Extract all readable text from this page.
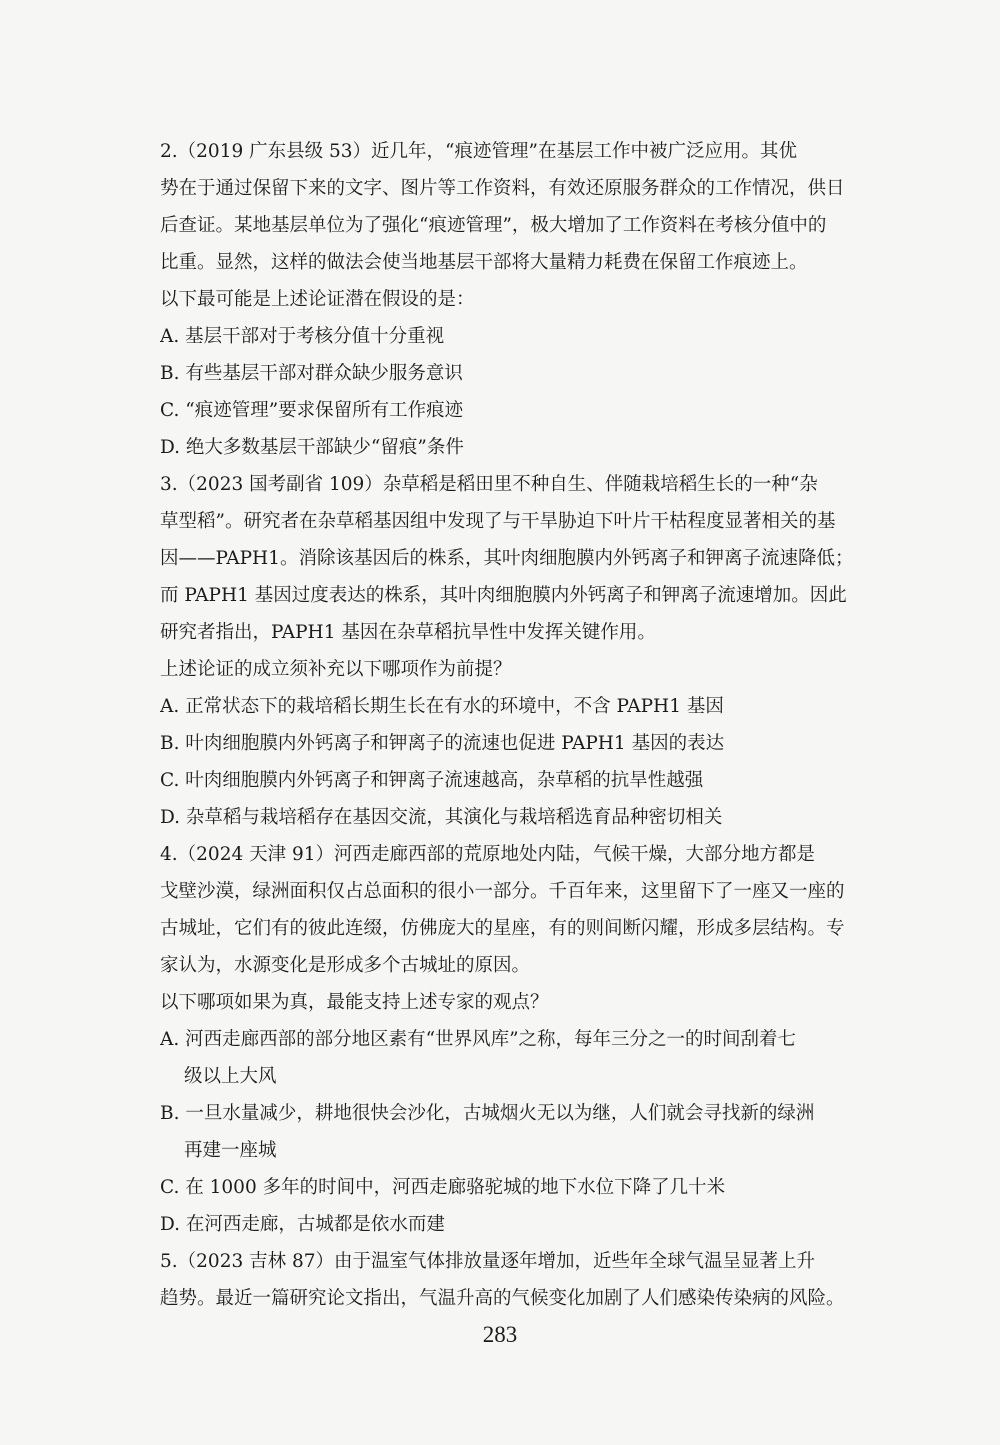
2.（2019 广东县级 53）近几年，“痕迹管理”在基层工作中被广泛应用。其优
势在于通过保留下来的文字、图片等工作资料，有效还原服务群众的工作情况，供日
后查证。某地基层单位为了强化“痕迹管理”，极大增加了工作资料在考核分值中的
比重。显然，这样的做法会使当地基层干部将大量精力耗费在保留工作痕迹上。
以下最可能是上述论证潜在假设的是：
A. 基层干部对于考核分值十分重视
B. 有些基层干部对群众缺少服务意识
C. “痕迹管理”要求保留所有工作痕迹
D. 绝大多数基层干部缺少“留痕”条件
3.（2023 国考副省 109）杂草稻是稻田里不种自生、伴随栽培稻生长的一种“杂
草型稻”。研究者在杂草稻基因组中发现了与干旱胁迫下叶片干枯程度显著相关的基
因——PAPH1。消除该基因后的株系，其叶肉细胞膜内外钙离子和钾离子流速降低；
而 PAPH1 基因过度表达的株系，其叶肉细胞膜内外钙离子和钾离子流速增加。因此
研究者指出，PAPH1 基因在杂草稻抗旱性中发挥关键作用。
上述论证的成立须补充以下哪项作为前提？
A. 正常状态下的栽培稻长期生长在有水的环境中，不含 PAPH1 基因
B. 叶肉细胞膜内外钙离子和钾离子的流速也促进 PAPH1 基因的表达
C. 叶肉细胞膜内外钙离子和钾离子流速越高，杂草稻的抗旱性越强
D. 杂草稻与栽培稻存在基因交流，其演化与栽培稻选育品种密切相关
4.（2024 天津 91）河西走廊西部的荒原地处内陆，气候干燥，大部分地方都是
戈壁沙漠，绿洲面积仅占总面积的很小一部分。千百年来，这里留下了一座又一座的
古城址，它们有的彼此连缀，仿佛庞大的星座，有的则间断闪耀，形成多层结构。专
家认为，水源变化是形成多个古城址的原因。
以下哪项如果为真，最能支持上述专家的观点？
A. 河西走廊西部的部分地区素有“世界风库”之称，每年三分之一的时间刮着七
级以上大风
B. 一旦水量减少，耕地很快会沙化，古城烟火无以为继，人们就会寻找新的绿洲
再建一座城
C. 在 1000 多年的时间中，河西走廊骆驼城的地下水位下降了几十米
D. 在河西走廊，古城都是依水而建
5.（2023 吉林 87）由于温室气体排放量逐年增加，近些年全球气温呈显著上升
趋势。最近一篇研究论文指出，气温升高的气候变化加剧了人们感染传染病的风险。
283
